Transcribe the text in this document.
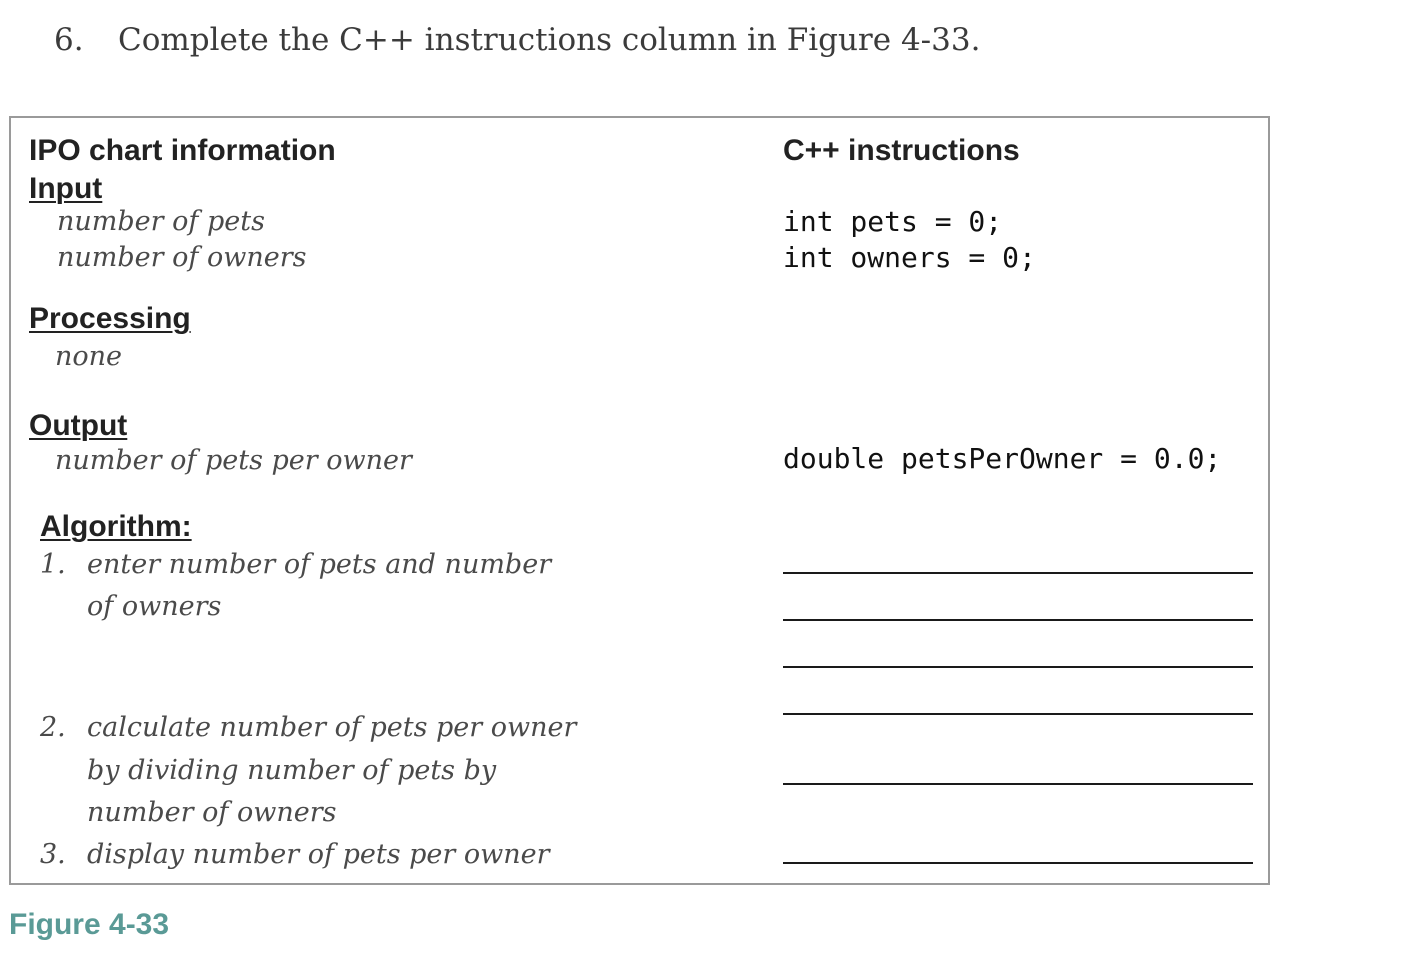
6. Complete the C++ instructions column in Figure 4-33.
IPO chart information	C++ instructions
Input
number of pets
number of owners
int pets = 0;
int owners = 0;
Processing
none
Output
number of pets per owner	double petsPerOwner = 0.0;
Algorithm:
1. enter number of pets and number
of owners
2. calculate number of pets per owner
by dividing number of pets by
number of owners
3. display number of pets per owner
Figure 4-33
